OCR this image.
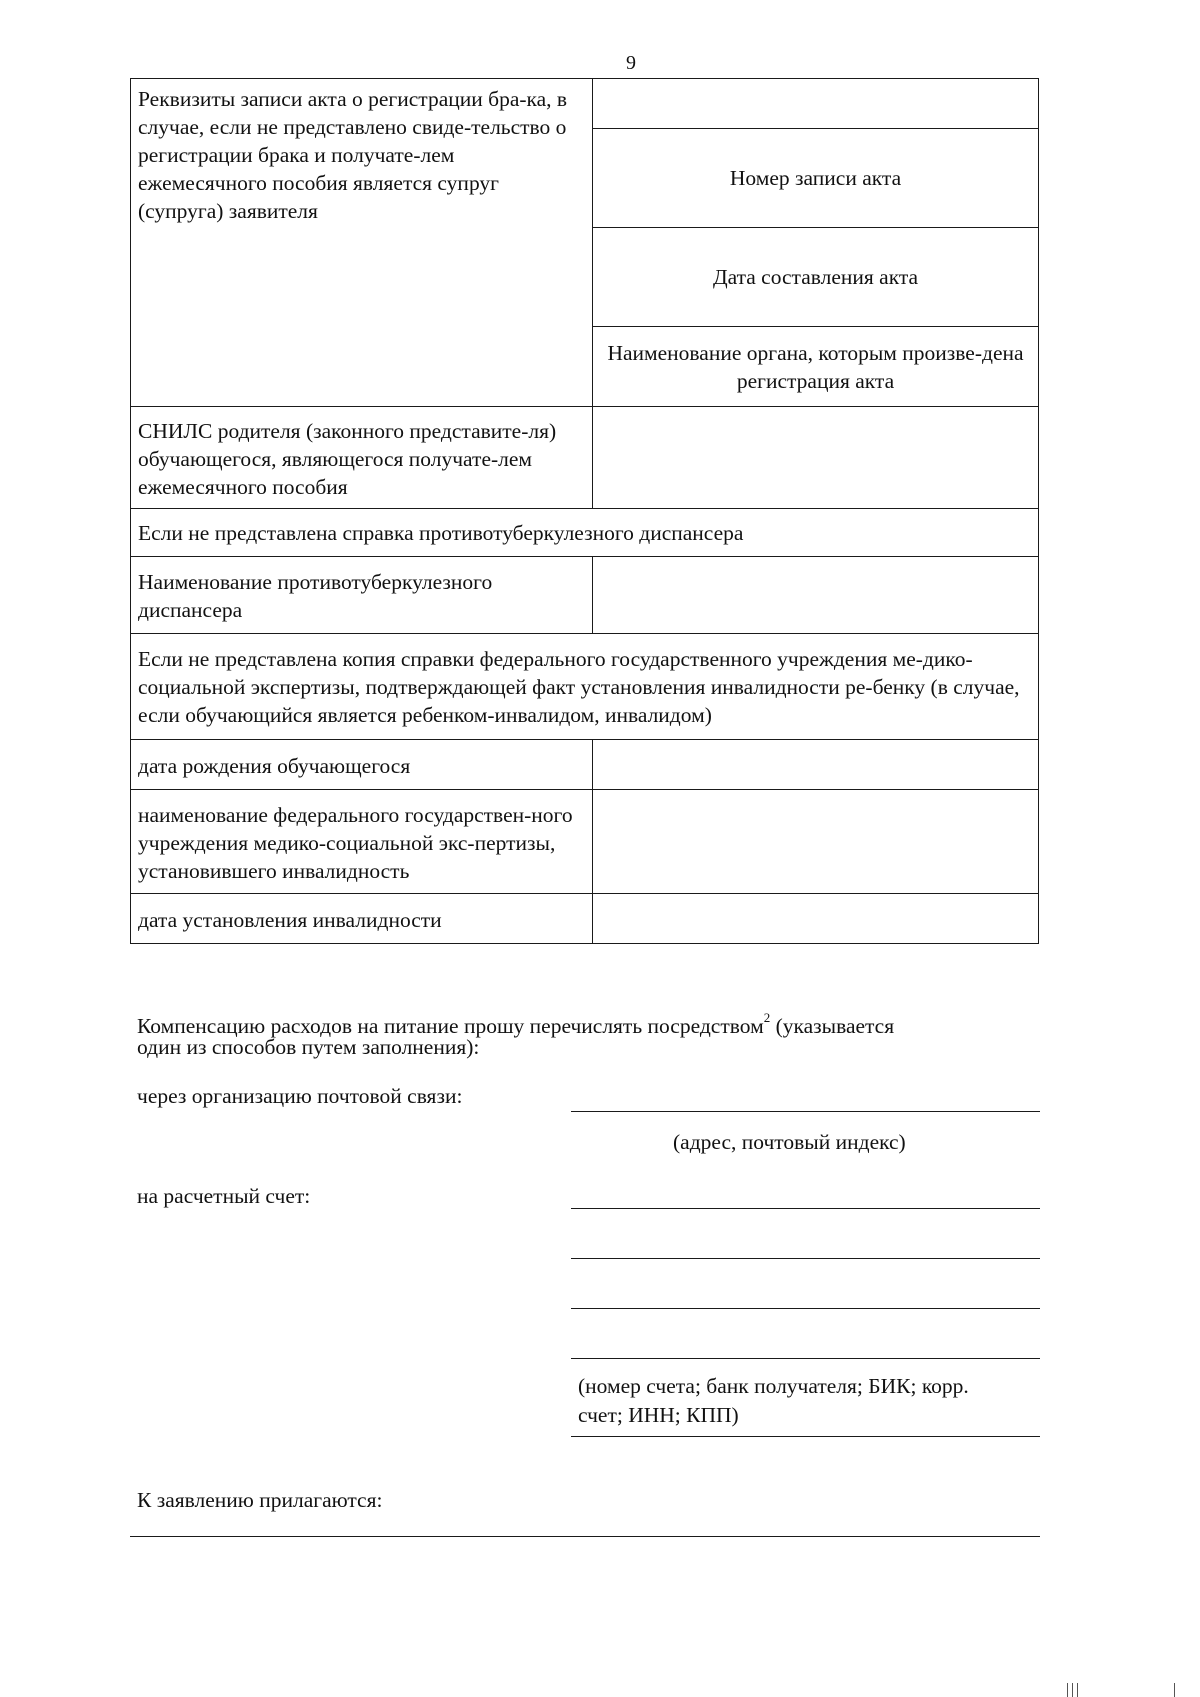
9
Реквизиты записи акта о регистрации бра-ка, в случае, если не представлено свиде-тельство о регистрации брака и получате-лем ежемесячного пособия является супруг (супруга) заявителя	
	Номер записи акта
	Дата составления акта
	Наименование органа, которым произве-дена регистрация акта
СНИЛС родителя (законного представите-ля) обучающегося, являющегося получате-лем ежемесячного пособия	
Если не представлена справка противотуберкулезного диспансера	
Наименование противотуберкулезного диспансера	
Если не представлена копия справки федерального государственного учреждения ме-дико-социальной экспертизы, подтверждающей факт установления инвалидности ре-бенку (в случае, если обучающийся является ребенком-инвалидом, инвалидом)	
дата рождения обучающегося	
наименование федерального государствен-ного учреждения медико-социальной экс-пертизы, установившего инвалидность	
дата установления инвалидности	
Компенсацию расходов на питание прошу перечислять посредством$^2$ (указывается
один из способов путем заполнения):
через организацию почтовой связи:
(адрес, почтовый индекс)
на расчетный счет:
(номер счета; банк получателя; БИК; корр.
счет; ИНН; КПП)
К заявлению прилагаются:
